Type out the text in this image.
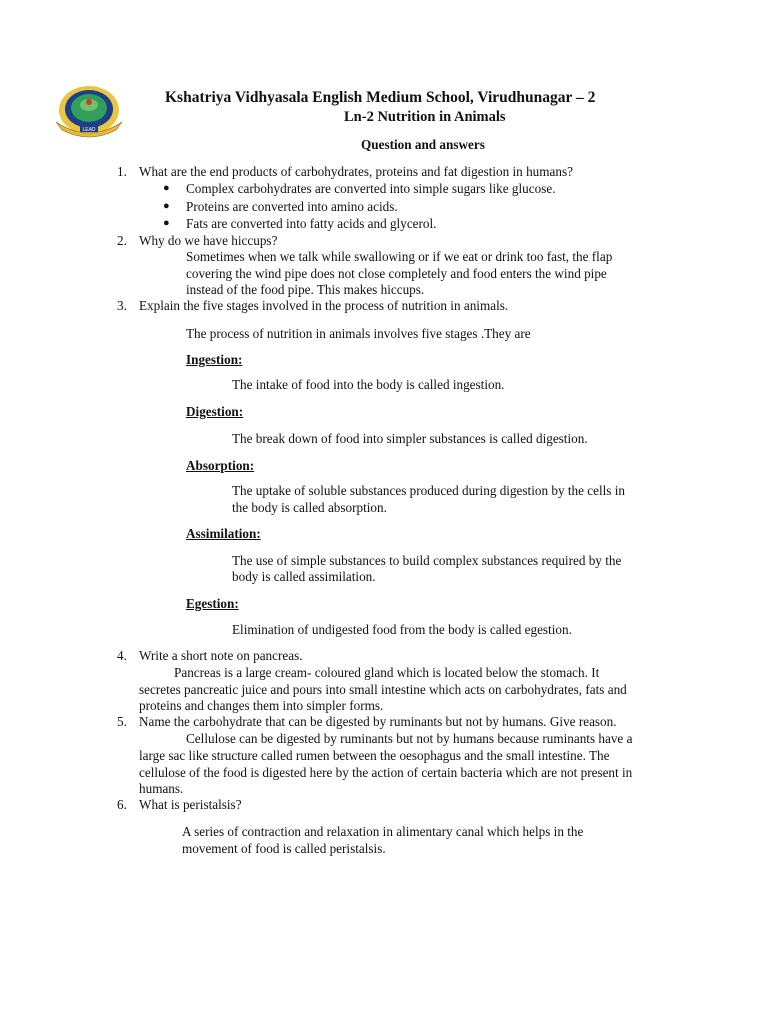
LEAD
Kshatriya Vidhyasala English Medium School, Virudhunagar – 2
Ln-2 Nutrition in Animals
Question and answers
1. What are the end products of carbohydrates, proteins and fat digestion in humans?
● Complex carbohydrates are converted into simple sugars like glucose.
● Proteins are converted into amino acids.
● Fats are converted into fatty acids and glycerol.
2. Why do we have hiccups?
Sometimes when we talk while swallowing or if we eat or drink too fast, the flap
covering the wind pipe does not close completely and food enters the wind pipe
instead of the food pipe. This makes hiccups.
3. Explain the five stages involved in the process of nutrition in animals.
The process of nutrition in animals involves five stages .They are
Ingestion:
The intake of food into the body is called ingestion.
Digestion:
The break down of food into simpler substances is called digestion.
Absorption:
The uptake of soluble substances produced during digestion by the cells in
the body is called absorption.
Assimilation:
The use of simple substances to build complex substances required by the
body is called assimilation.
Egestion:
Elimination of undigested food from the body is called egestion.
4. Write a short note on pancreas.
Pancreas is a large cream- coloured gland which is located below the stomach. It
secretes pancreatic juice and pours into small intestine which acts on carbohydrates, fats and
proteins and changes them into simpler forms.
5. Name the carbohydrate that can be digested by ruminants but not by humans. Give reason.
Cellulose can be digested by ruminants but not by humans because ruminants have a
large sac like structure called rumen between the oesophagus and the small intestine. The
cellulose of the food is digested here by the action of certain bacteria which are not present in
humans.
6. What is peristalsis?
A series of contraction and relaxation in alimentary canal which helps in the
movement of food is called peristalsis.
